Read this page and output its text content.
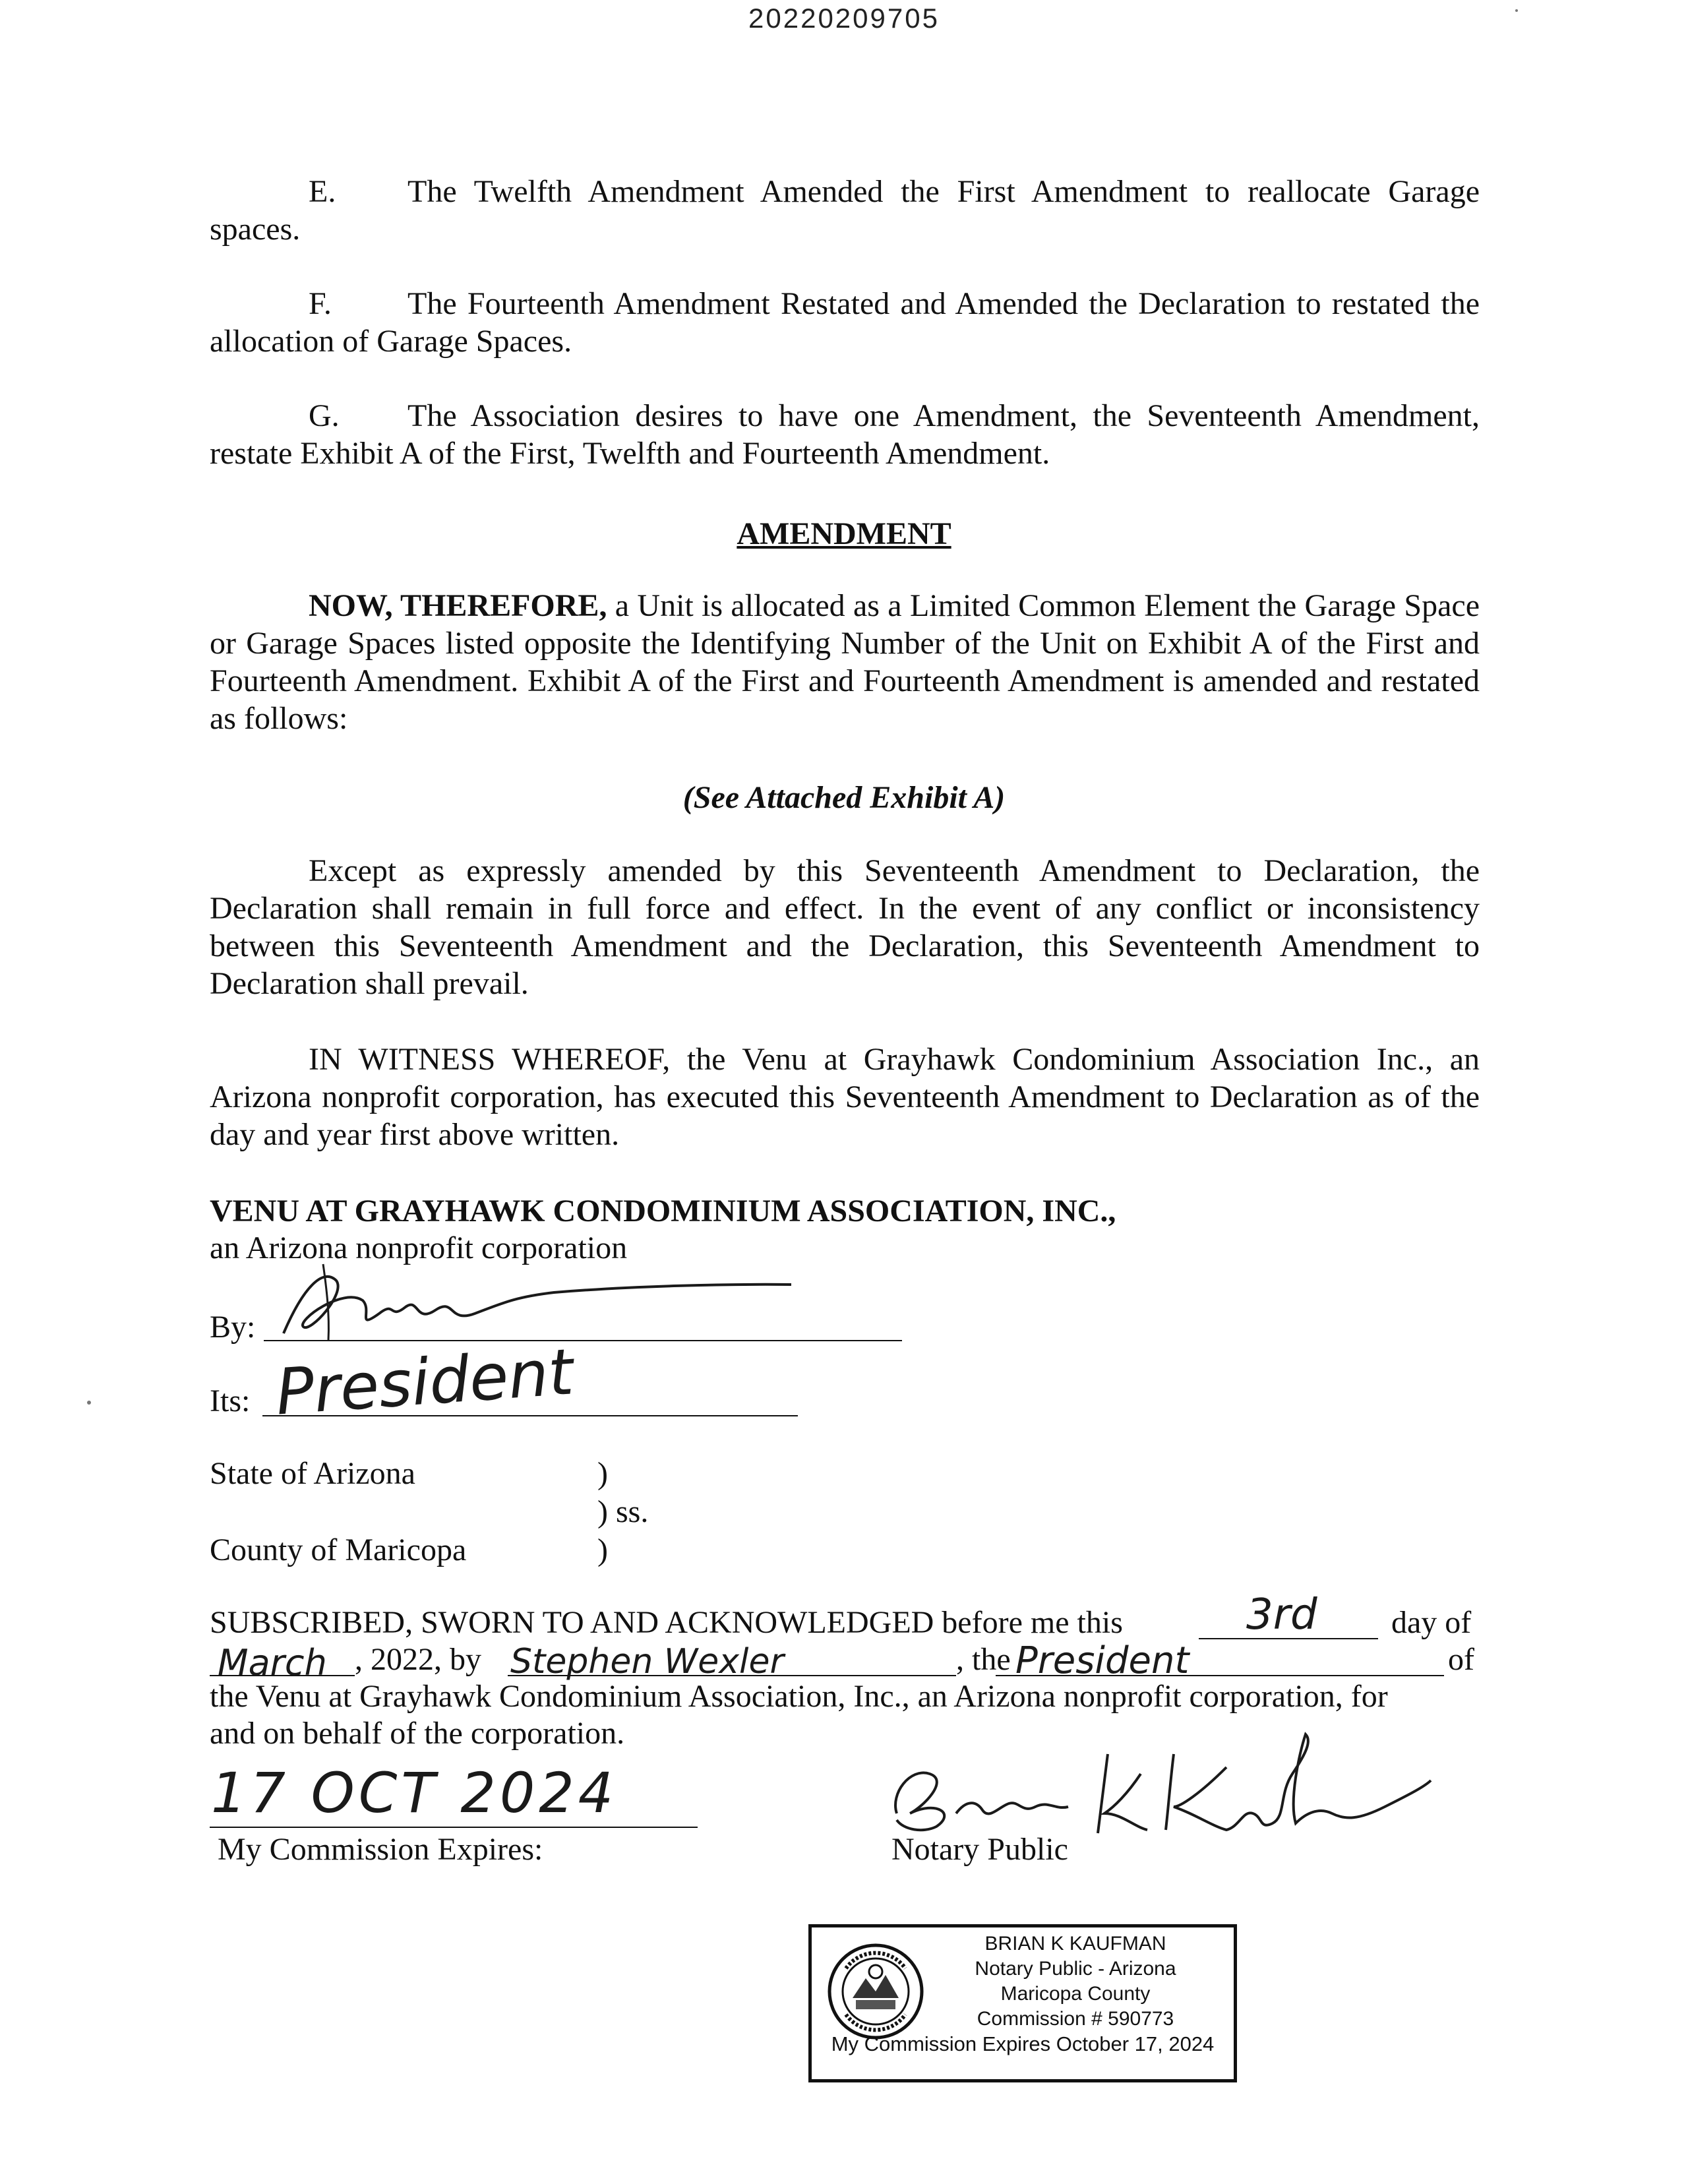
20220209705
E. The Twelfth Amendment Amended the First Amendment to reallocate Garage spaces.
F. The Fourteenth Amendment Restated and Amended the Declaration to restated the allocation of Garage Spaces.
G. The Association desires to have one Amendment, the Seventeenth Amendment, restate Exhibit A of the First, Twelfth and Fourteenth Amendment.
AMENDMENT
NOW, THEREFORE, a Unit is allocated as a Limited Common Element the Garage Space or Garage Spaces listed opposite the Identifying Number of the Unit on Exhibit A of the First and Fourteenth Amendment. Exhibit A of the First and Fourteenth Amendment is amended and restated as follows:
(See Attached Exhibit A)
Except as expressly amended by this Seventeenth Amendment to Declaration, the Declaration shall remain in full force and effect. In the event of any conflict or inconsistency between this Seventeenth Amendment and the Declaration, this Seventeenth Amendment to Declaration shall prevail.
IN WITNESS WHEREOF, the Venu at Grayhawk Condominium Association Inc., an Arizona nonprofit corporation, has executed this Seventeenth Amendment to Declaration as of the day and year first above written.
VENU AT GRAYHAWK CONDOMINIUM ASSOCIATION, INC.,
an Arizona nonprofit corporation
By:
Its: President
State of Arizona	)
) ss.
County of Maricopa	)
SUBSCRIBED, SWORN TO AND ACKNOWLEDGED before me this	3rd day of
March , 2022, by Stephen Wexler	, the President	of
the Venu at Grayhawk Condominium Association, Inc., an Arizona nonprofit corporation, for
and on behalf of the corporation.
17 OCT 2024
My Commission Expires:	Notary Public
BRIAN K KAUFMAN
Notary Public - Arizona
Maricopa County
Commission # 590773
My Commission Expires October 17, 2024
